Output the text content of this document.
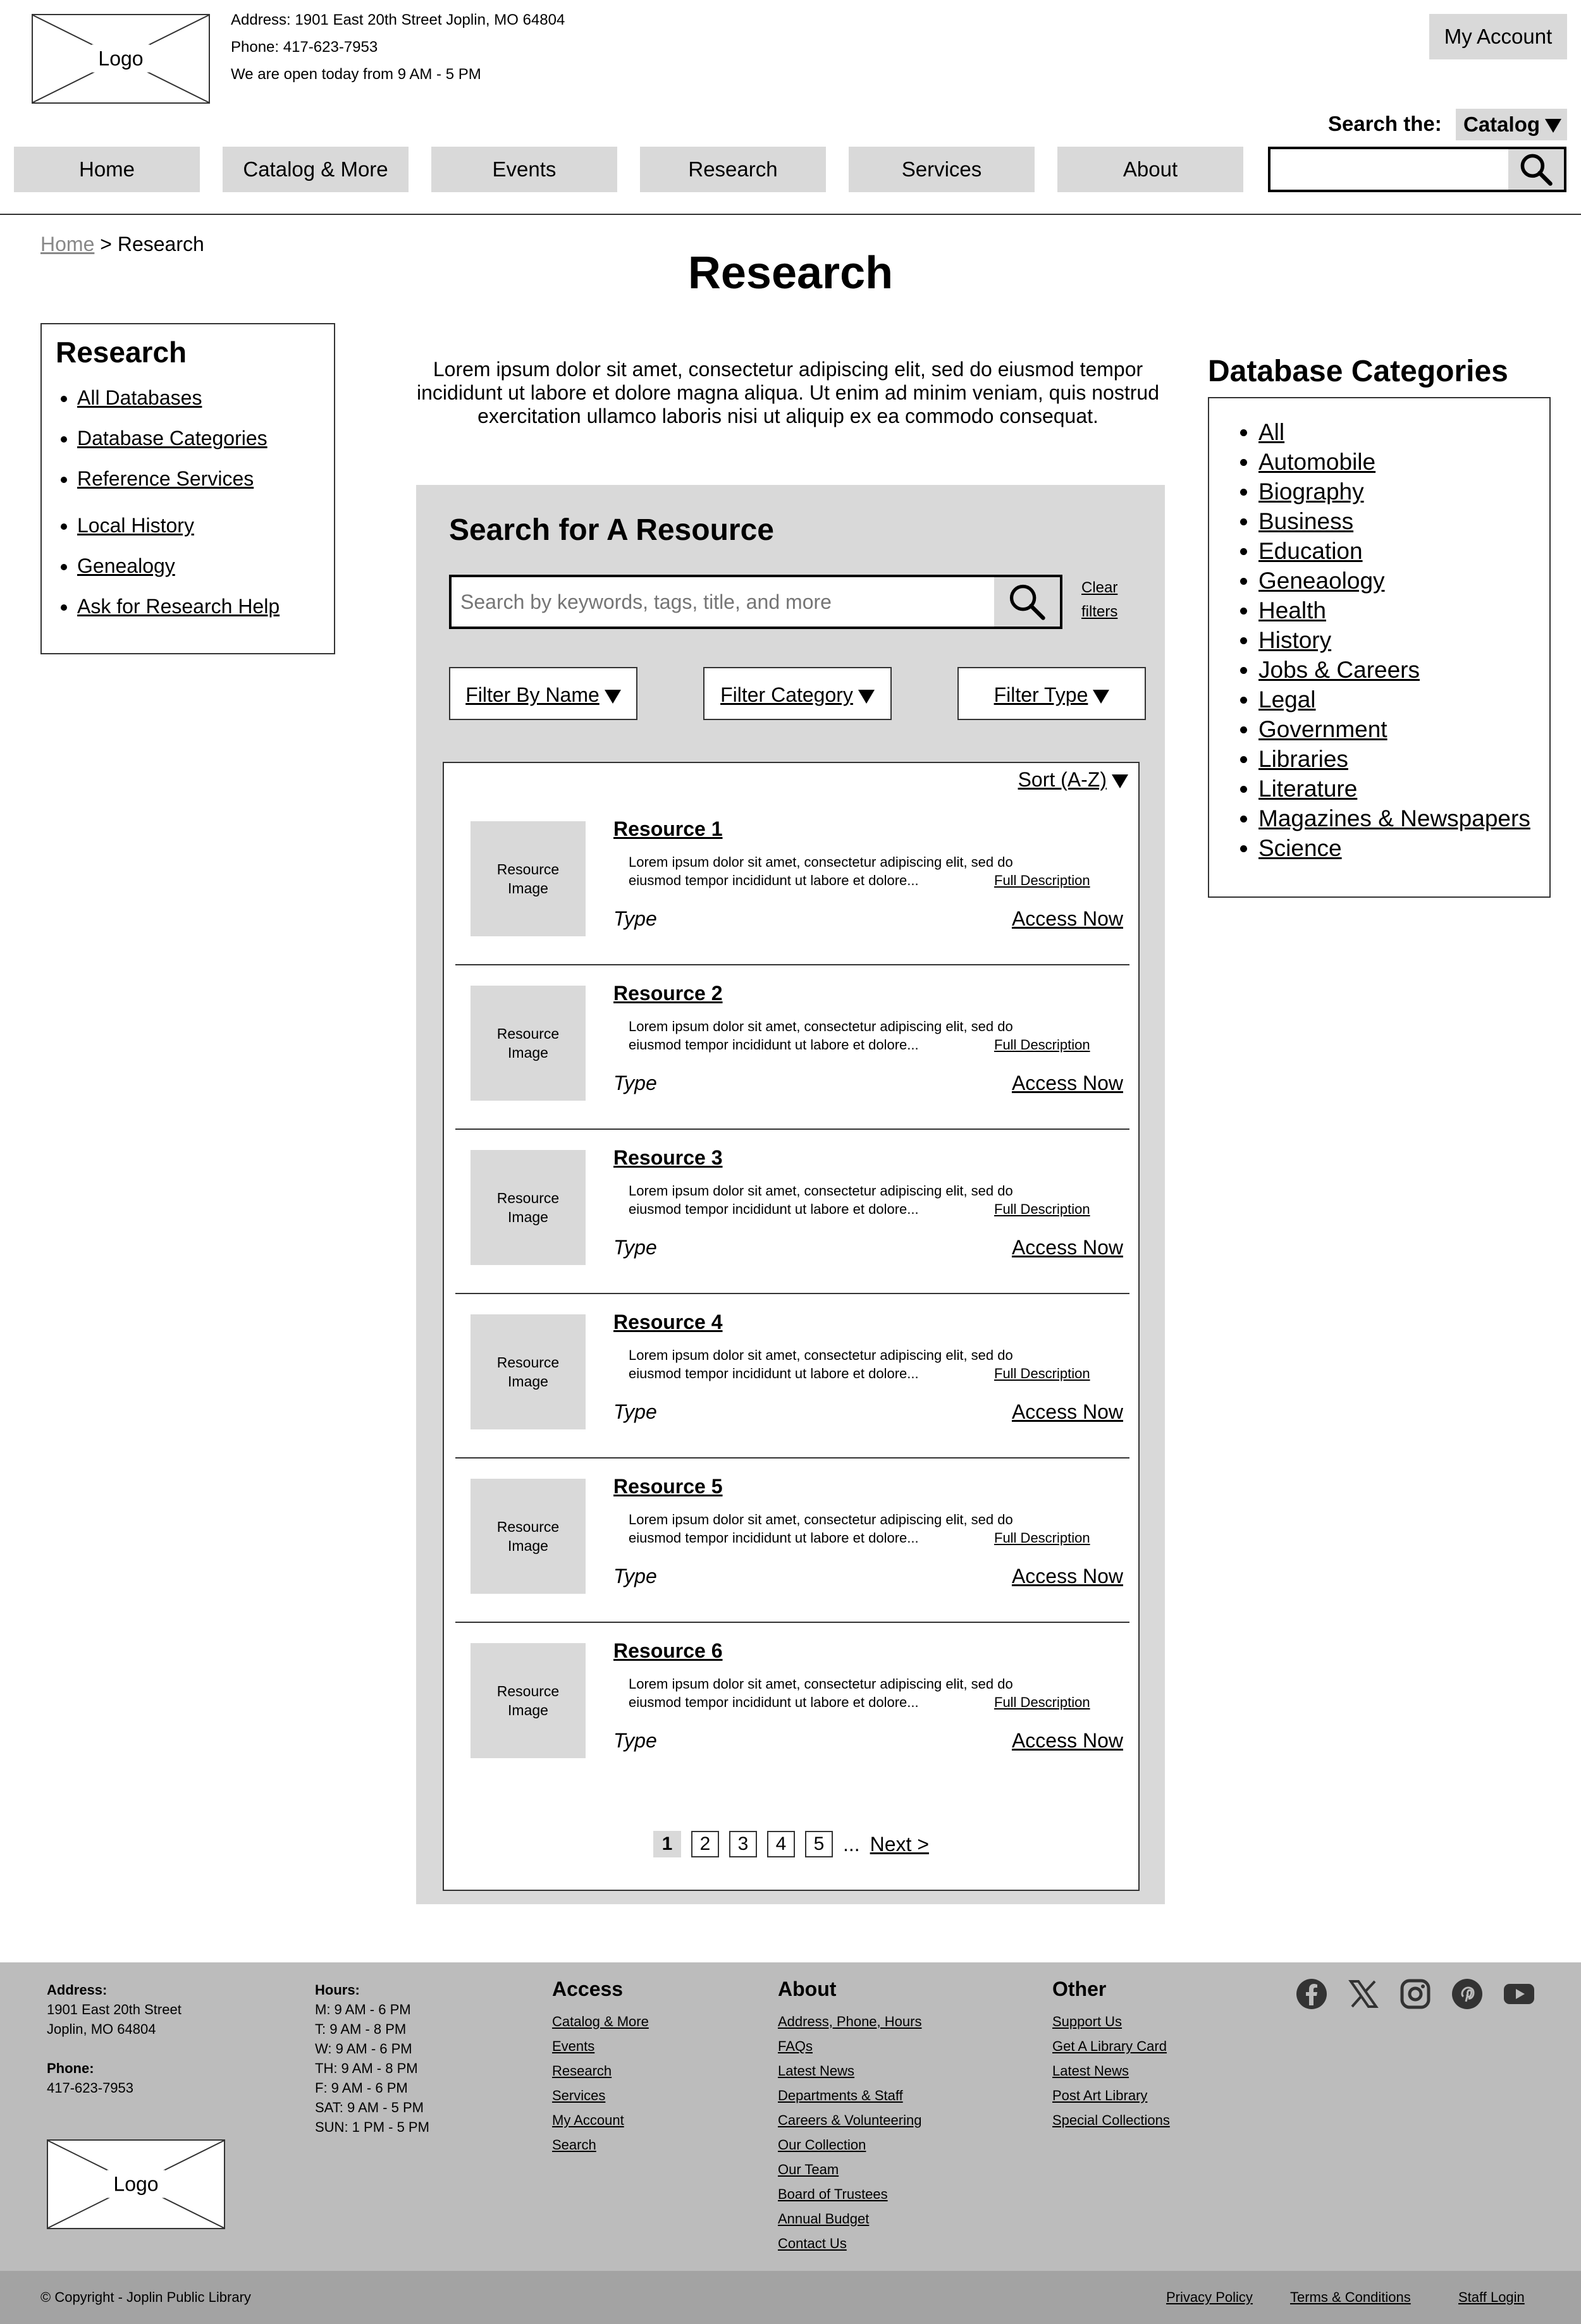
Logo
Address: 1901 East 20th Street Joplin, MO 64804
Phone: 417-623-7953
We are open today from 9 AM - 5 PM
My Account
Search the:	Catalog
Home	Catalog & More	Events	Research	Services	About
Home > Research
Research
Research
• All Databases
• Database Categories
• Reference Services
• Local History
• Genealogy
• Ask for Research Help
Lorem ipsum dolor sit amet, consectetur adipiscing elit, sed do eiusmod tempor incididunt ut labore et dolore magna aliqua. Ut enim ad minim veniam, quis nostrud exercitation ullamco laboris nisi ut aliquip ex ea commodo consequat.
Search for A Resource
Search by keywords, tags, title, and more
Clear
filters
Filter By Name	Filter Category	Filter Type
Sort (A-Z)
Resource
Image
Resource 1
Lorem ipsum dolor sit amet, consectetur adipiscing elit, sed do
eiusmod tempor incididunt ut labore et dolore...	Full Description
Type	Access Now
Resource
Image
Resource 2
Lorem ipsum dolor sit amet, consectetur adipiscing elit, sed do
eiusmod tempor incididunt ut labore et dolore...	Full Description
Type	Access Now
Resource
Image
Resource 3
Lorem ipsum dolor sit amet, consectetur adipiscing elit, sed do
eiusmod tempor incididunt ut labore et dolore...	Full Description
Type	Access Now
Resource
Image
Resource 4
Lorem ipsum dolor sit amet, consectetur adipiscing elit, sed do
eiusmod tempor incididunt ut labore et dolore...	Full Description
Type	Access Now
Resource
Image
Resource 5
Lorem ipsum dolor sit amet, consectetur adipiscing elit, sed do
eiusmod tempor incididunt ut labore et dolore...	Full Description
Type	Access Now
Resource
Image
Resource 6
Lorem ipsum dolor sit amet, consectetur adipiscing elit, sed do
eiusmod tempor incididunt ut labore et dolore...	Full Description
Type	Access Now
1	2	3	4	5 ... Next >
Database Categories
• All
• Automobile
• Biography
• Business
• Education
• Geneaology
• Health
• History
• Jobs & Careers
• Legal
• Government
• Libraries
• Literature
• Magazines & Newspapers
• Science
Address:
1901 East 20th Street
Joplin, MO 64804
Phone:
417-623-7953
Hours:
M: 9 AM - 6 PM
T: 9 AM - 8 PM
W: 9 AM - 6 PM
TH: 9 AM - 8 PM
F: 9 AM - 6 PM
SAT: 9 AM - 5 PM
SUN: 1 PM - 5 PM
Logo
Access
Catalog & More
Events
Research
Services
My Account
Search
About
Address, Phone, Hours
FAQs
Latest News
Departments & Staff
Careers & Volunteering
Our Collection
Our Team
Board of Trustees
Annual Budget
Contact Us
Other
Support Us
Get A Library Card
Latest News
Post Art Library
Special Collections
© Copyright - Joplin Public Library	Privacy Policy	Terms & Conditions	Staff Login
